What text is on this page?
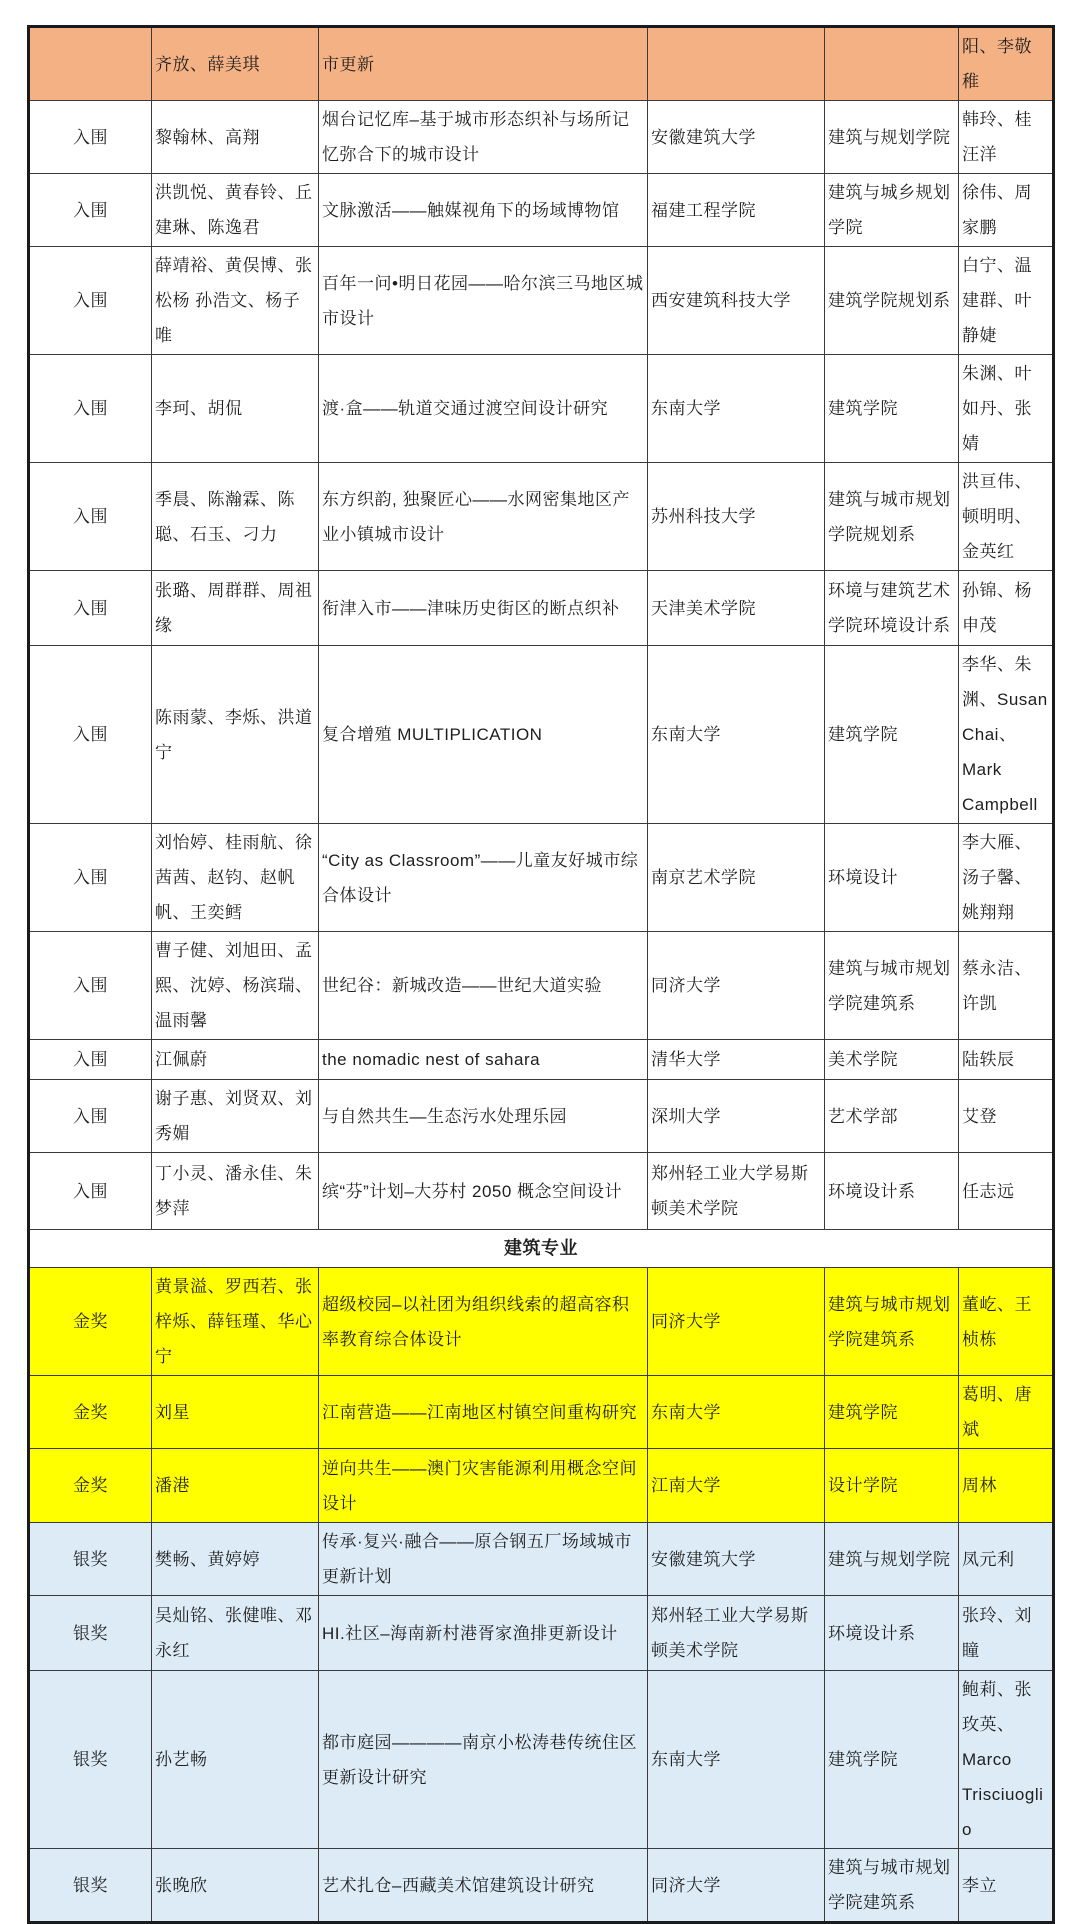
	齐放、薛美琪	市更新			阳、李敬稚
入围	黎翰林、高翔	烟台记忆库–基于城市形态织补与场所记忆弥合下的城市设计	安徽建筑大学	建筑与规划学院	韩玲、桂汪洋
入围	洪凯悦、黄春铃、丘建琳、陈逸君	文脉激活——触媒视角下的场域博物馆	福建工程学院	建筑与城乡规划学院	徐伟、周家鹏
入围	薛靖裕、黄俣博、张松杨 孙浩文、杨子唯	百年一问•明日花园——哈尔滨三马地区城市设计	西安建筑科技大学	建筑学院规划系	白宁、温建群、叶静婕
入围	李珂、胡侃	渡·盒——轨道交通过渡空间设计研究	东南大学	建筑学院	朱渊、叶如丹、张婧
入围	季晨、陈瀚霖、陈聪、石玉、刁力	东方织韵, 独聚匠心——水网密集地区产业小镇城市设计	苏州科技大学	建筑与城市规划学院规划系	洪亘伟、顿明明、金英红
入围	张璐、周群群、周祖缘	衔津入市——津味历史街区的断点织补	天津美术学院	环境与建筑艺术学院环境设计系	孙锦、杨申茂
入围	陈雨蒙、李烁、洪道宁	复合增殖 MULTIPLICATION	东南大学	建筑学院	李华、朱渊、Susan Chai、Mark Campbell
入围	刘怡婷、桂雨航、徐茜茜、赵钧、赵帆帆、王奕鳕	“City as Classroom”——儿童友好城市综合体设计	南京艺术学院	环境设计	李大雁、汤子馨、姚翔翔
入围	曹子健、刘旭田、孟熙、沈婷、杨滨瑞、温雨馨	世纪谷：新城改造——世纪大道实验	同济大学	建筑与城市规划学院建筑系	蔡永洁、许凯
入围	江佩蔚	the nomadic nest of sahara	清华大学	美术学院	陆轶辰
入围	谢子惠、刘贤双、刘秀媚	与自然共生—生态污水处理乐园	深圳大学	艺术学部	艾登
入围	丁小灵、潘永佳、朱梦萍	缤“芬”计划–大芬村 2050 概念空间设计	郑州轻工业大学易斯顿美术学院	环境设计系	任志远
建筑专业					
金奖	黄景溢、罗西若、张梓烁、薛钰瑾、华心宁	超级校园–以社团为组织线索的超高容积率教育综合体设计	同济大学	建筑与城市规划学院建筑系	董屹、王桢栋
金奖	刘星	江南营造——江南地区村镇空间重构研究	东南大学	建筑学院	葛明、唐斌
金奖	潘港	逆向共生——澳门灾害能源利用概念空间设计	江南大学	设计学院	周林
银奖	樊畅、黄婷婷	传承·复兴·融合——原合钢五厂场域城市更新计划	安徽建筑大学	建筑与规划学院	凤元利
银奖	吴灿铭、张健唯、邓永红	HI.社区–海南新村港胥家渔排更新设计	郑州轻工业大学易斯顿美术学院	环境设计系	张玲、刘瞳
银奖	孙艺畅	都市庭园————南京小松涛巷传统住区更新设计研究	东南大学	建筑学院	鲍莉、张玫英、Marco Trisciuoglio
银奖	张晚欣	艺术扎仓–西藏美术馆建筑设计研究	同济大学	建筑与城市规划学院建筑系	李立
